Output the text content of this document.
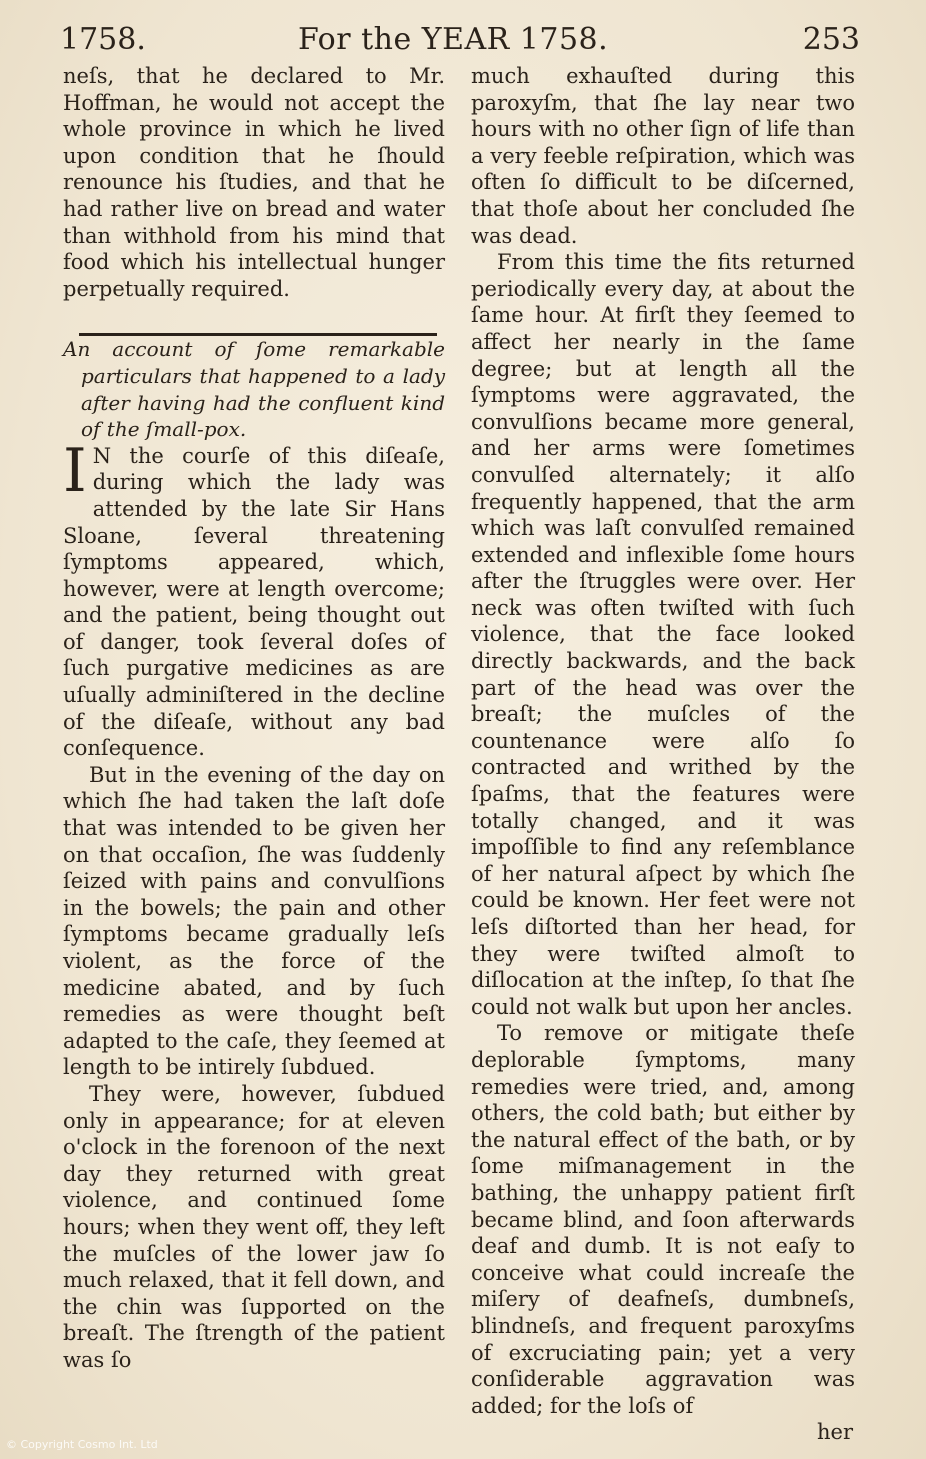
1758.	For the YEAR 1758.	253

neſs, that he declared to Mr. Hoffman, he would not accept the whole province in which he lived upon condition that he ſhould renounce his ſtudies, and that he had rather live on bread and water than withhold from his mind that food which his intellectual hunger perpetually required.

An account of ſome remarkable particulars that happened to a lady after having had the confluent kind of the ſmall-pox.

I N the courſe of this diſeaſe, during which the lady was attended by the late Sir Hans Sloane, ſeveral threatening ſymptoms appeared, which, however, were at length overcome; and the patient, being thought out of danger, took ſeveral doſes of ſuch purgative medicines as are uſually adminiſtered in the decline of the diſeaſe, without any bad conſequence.

But in the evening of the day on which ſhe had taken the laſt doſe that was intended to be given her on that occaſion, ſhe was ſuddenly ſeized with pains and convulſions in the bowels; the pain and other ſymptoms became gradually leſs violent, as the force of the medicine abated, and by ſuch remedies as were thought beſt adapted to the caſe, they ſeemed at length to be intirely ſubdued.

They were, however, ſubdued only in appearance; for at eleven o'clock in the forenoon of the next day they returned with great violence, and continued ſome hours; when they went off, they left the muſcles of the lower jaw ſo much relaxed, that it fell down, and the chin was ſupported on the breaſt. The ſtrength of the patient was ſo

much exhauſted during this paroxyſm, that ſhe lay near two hours with no other ſign of life than a very feeble reſpiration, which was often ſo difficult to be diſcerned, that thoſe about her concluded ſhe was dead.

From this time the fits returned periodically every day, at about the ſame hour. At firſt they ſeemed to affect her nearly in the ſame degree; but at length all the ſymptoms were aggravated, the convulſions became more general, and her arms were ſometimes convulſed alternately; it alſo frequently happened, that the arm which was laſt convulſed remained extended and inflexible ſome hours after the ſtruggles were over. Her neck was often twiſted with ſuch violence, that the face looked directly backwards, and the back part of the head was over the breaſt; the muſcles of the countenance were alſo ſo contracted and writhed by the ſpaſms, that the features were totally changed, and it was impoſſible to find any reſemblance of her natural aſpect by which ſhe could be known. Her feet were not leſs diſtorted than her head, for they were twiſted almoſt to diſlocation at the inſtep, ſo that ſhe could not walk but upon her ancles.

To remove or mitigate theſe deplorable ſymptoms, many remedies were tried, and, among others, the cold bath; but either by the natural effect of the bath, or by ſome miſmanagement in the bathing, the unhappy patient firſt became blind, and ſoon afterwards deaf and dumb. It is not eaſy to conceive what could increaſe the miſery of deafneſs, dumbneſs, blindneſs, and frequent paroxyſms of excruciating pain; yet a very conſiderable aggravation was added; for the loſs of

her

© Copyright Cosmo Int. Ltd
